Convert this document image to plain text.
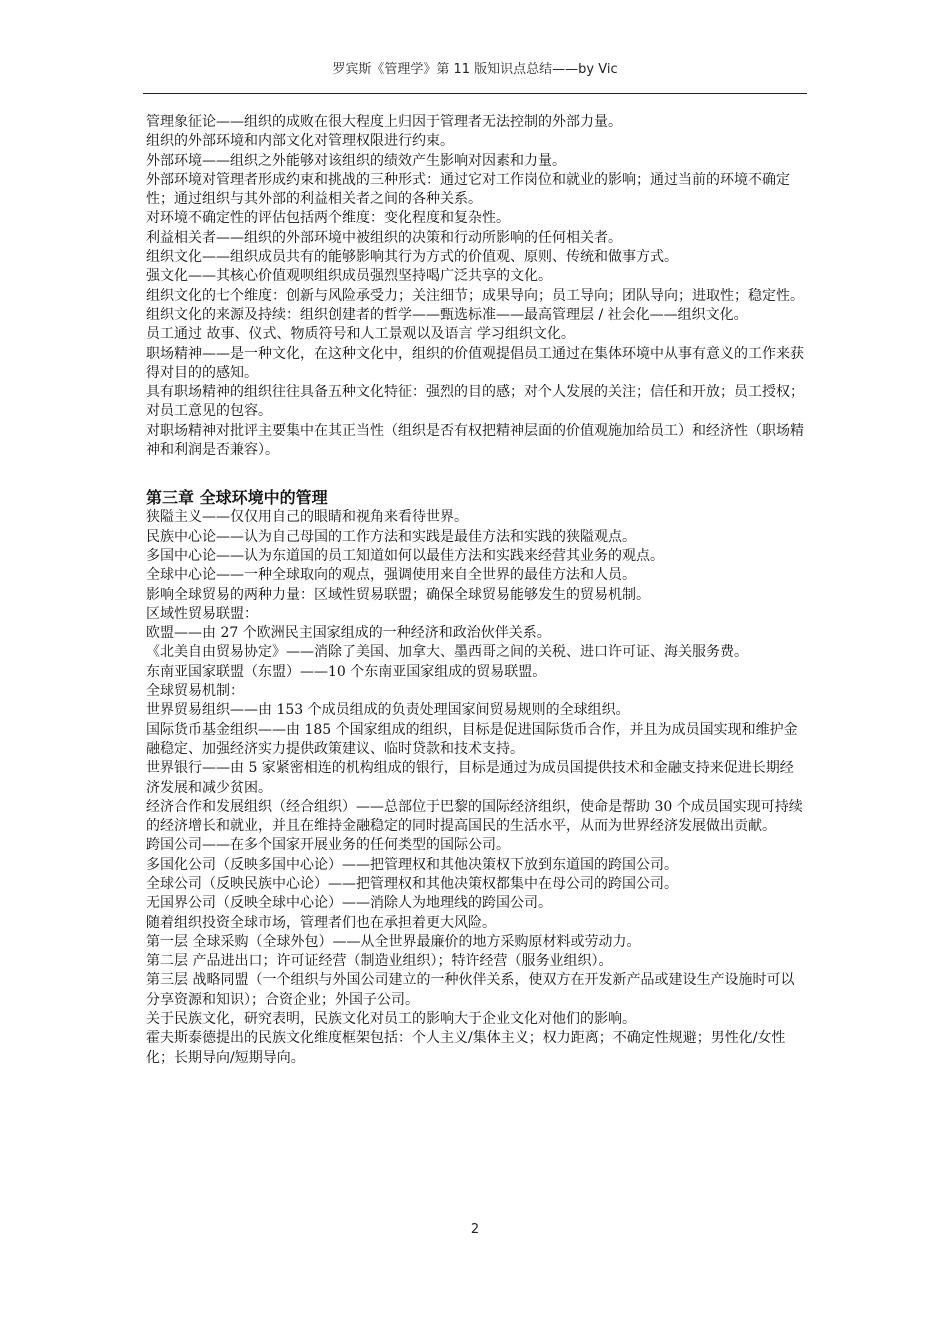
罗宾斯《管理学》第 11 版知识点总结——by Vic

管理象征论——组织的成败在很大程度上归因于管理者无法控制的外部力量。

组织的外部环境和内部文化对管理权限进行约束。

外部环境——组织之外能够对该组织的绩效产生影响对因素和力量。

外部环境对管理者形成约束和挑战的三种形式：通过它对工作岗位和就业的影响；通过当前的环境不确定性；通过组织与其外部的利益相关者之间的各种关系。

对环境不确定性的评估包括两个维度：变化程度和复杂性。

利益相关者——组织的外部环境中被组织的决策和行动所影响的任何相关者。

组织文化——组织成员共有的能够影响其行为方式的价值观、原则、传统和做事方式。

强文化——其核心价值观呗组织成员强烈坚持喝广泛共享的文化。

组织文化的七个维度：创新与风险承受力；关注细节；成果导向；员工导向；团队导向；进取性；稳定性。

组织文化的来源及持续：组织创建者的哲学——甄选标准——最高管理层 / 社会化——组织文化。

员工通过 故事、仪式、物质符号和人工景观以及语言 学习组织文化。

职场精神——是一种文化，在这种文化中，组织的价值观提倡员工通过在集体环境中从事有意义的工作来获得对目的的感知。

具有职场精神的组织往往具备五种文化特征：强烈的目的感；对个人发展的关注；信任和开放；员工授权；对员工意见的包容。

对职场精神对批评主要集中在其正当性（组织是否有权把精神层面的价值观施加给员工）和经济性（职场精神和利润是否兼容）。

第三章 全球环境中的管理

狭隘主义——仅仅用自己的眼睛和视角来看待世界。

民族中心论——认为自己母国的工作方法和实践是最佳方法和实践的狭隘观点。

多国中心论——认为东道国的员工知道如何以最佳方法和实践来经营其业务的观点。

全球中心论——一种全球取向的观点，强调使用来自全世界的最佳方法和人员。

影响全球贸易的两种力量：区域性贸易联盟；确保全球贸易能够发生的贸易机制。

区域性贸易联盟：

欧盟——由 27 个欧洲民主国家组成的一种经济和政治伙伴关系。

《北美自由贸易协定》——消除了美国、加拿大、墨西哥之间的关税、进口许可证、海关服务费。

东南亚国家联盟（东盟）——10 个东南亚国家组成的贸易联盟。

全球贸易机制：

世界贸易组织——由 153 个成员组成的负责处理国家间贸易规则的全球组织。

国际货币基金组织——由 185 个国家组成的组织，目标是促进国际货币合作，并且为成员国实现和维护金融稳定、加强经济实力提供政策建议、临时贷款和技术支持。

世界银行——由 5 家紧密相连的机构组成的银行，目标是通过为成员国提供技术和金融支持来促进长期经济发展和减少贫困。

经济合作和发展组织（经合组织）——总部位于巴黎的国际经济组织，使命是帮助 30 个成员国实现可持续的经济增长和就业，并且在维持金融稳定的同时提高国民的生活水平，从而为世界经济发展做出贡献。

跨国公司——在多个国家开展业务的任何类型的国际公司。

多国化公司（反映多国中心论）——把管理权和其他决策权下放到东道国的跨国公司。

全球公司（反映民族中心论）——把管理权和其他决策权都集中在母公司的跨国公司。

无国界公司（反映全球中心论）——消除人为地理线的跨国公司。

随着组织投资全球市场，管理者们也在承担着更大风险。

第一层 全球采购（全球外包）——从全世界最廉价的地方采购原材料或劳动力。

第二层 产品进出口；许可证经营（制造业组织）；特许经营（服务业组织）。

第三层 战略同盟（一个组织与外国公司建立的一种伙伴关系，使双方在开发新产品或建设生产设施时可以分享资源和知识）；合资企业；外国子公司。

关于民族文化，研究表明，民族文化对员工的影响大于企业文化对他们的影响。

霍夫斯泰德提出的民族文化维度框架包括：个人主义/集体主义；权力距离；不确定性规避；男性化/女性化；长期导向/短期导向。

2
